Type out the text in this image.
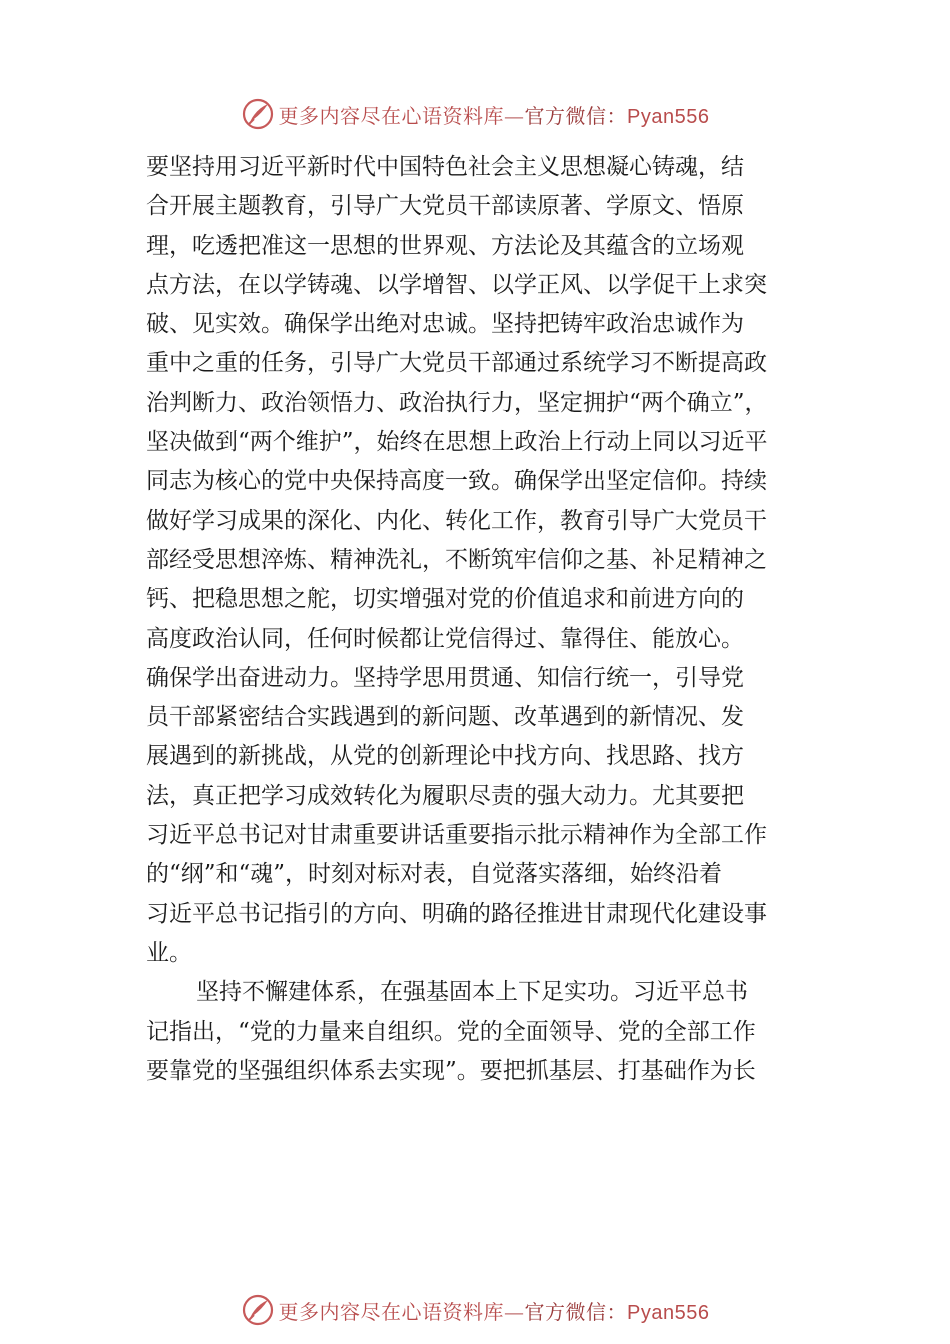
更多内容尽在心语资料库—官方微信：Pyan556
要坚持用习近平新时代中国特色社会主义思想凝心铸魂，结
合开展主题教育，引导广大党员干部读原著、学原文、悟原
理，吃透把准这一思想的世界观、方法论及其蕴含的立场观
点方法，在以学铸魂、以学增智、以学正风、以学促干上求突
破、见实效。确保学出绝对忠诚。坚持把铸牢政治忠诚作为
重中之重的任务，引导广大党员干部通过系统学习不断提高政
治判断力、政治领悟力、政治执行力，坚定拥护“两个确立”，
坚决做到“两个维护”，始终在思想上政治上行动上同以习近平
同志为核心的党中央保持高度一致。确保学出坚定信仰。持续
做好学习成果的深化、内化、转化工作，教育引导广大党员干
部经受思想淬炼、精神洗礼，不断筑牢信仰之基、补足精神之
钙、把稳思想之舵，切实增强对党的价值追求和前进方向的
高度政治认同，任何时候都让党信得过、靠得住、能放心。
确保学出奋进动力。坚持学思用贯通、知信行统一，引导党
员干部紧密结合实践遇到的新问题、改革遇到的新情况、发
展遇到的新挑战，从党的创新理论中找方向、找思路、找方
法，真正把学习成效转化为履职尽责的强大动力。尤其要把
习近平总书记对甘肃重要讲话重要指示批示精神作为全部工作
的“纲”和“魂”，时刻对标对表，自觉落实落细，始终沿着
习近平总书记指引的方向、明确的路径推进甘肃现代化建设事
业。
坚持不懈建体系，在强基固本上下足实功。习近平总书
记指出，“党的力量来自组织。党的全面领导、党的全部工作
要靠党的坚强组织体系去实现”。要把抓基层、打基础作为长
更多内容尽在心语资料库—官方微信：Pyan556
